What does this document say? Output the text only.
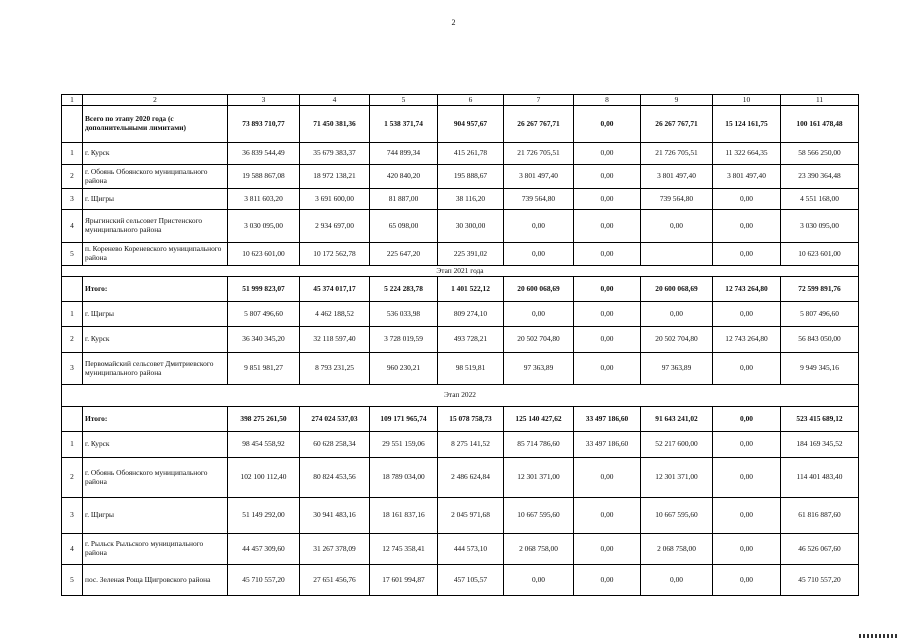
2
1	2	3	4	5	6	7	8	9	10	11
	Всего по этапу 2020 года (с дополнительными лимитами)	73 893 710,77	71 450 381,36	1 538 371,74	904 957,67	26 267 767,71	0,00	26 267 767,71	15 124 161,75	100 161 478,48
1	г. Курск	36 839 544,49	35 679 383,37	744 899,34	415 261,78	21 726 705,51	0,00	21 726 705,51	11 322 664,35	58 566 250,00
2	г. Обоянь Обоянского муниципального района	19 588 867,08	18 972 138,21	420 840,20	195 888,67	3 801 497,40	0,00	3 801 497,40	3 801 497,40	23 390 364,48
3	г. Щигры	3 811 603,20	3 691 600,00	81 887,00	38 116,20	739 564,80	0,00	739 564,80	0,00	4 551 168,00
4	Ярыгинский сельсовет Пристенского муниципального района	3 030 095,00	2 934 697,00	65 098,00	30 300,00	0,00	0,00	0,00	0,00	3 030 095,00
5	п. Коренево Кореневского муниципального района	10 623 601,00	10 172 562,78	225 647,20	225 391,02	0,00	0,00		0,00	10 623 601,00
Этап 2021 года										
	Итого:	51 999 823,07	45 374 017,17	5 224 283,78	1 401 522,12	20 600 068,69	0,00	20 600 068,69	12 743 264,80	72 599 891,76
1	г. Щигры	5 807 496,60	4 462 188,52	536 033,98	809 274,10	0,00	0,00	0,00	0,00	5 807 496,60
2	г. Курск	36 340 345,20	32 118 597,40	3 728 019,59	493 728,21	20 502 704,80	0,00	20 502 704,80	12 743 264,80	56 843 050,00
3	Первомайский сельсовет Дмитриевского муниципального района	9 851 981,27	8 793 231,25	960 230,21	98 519,81	97 363,89	0,00	97 363,89	0,00	9 949 345,16
Этап 2022										
	Итого:	398 275 261,50	274 024 537,03	109 171 965,74	15 078 758,73	125 140 427,62	33 497 186,60	91 643 241,02	0,00	523 415 689,12
1	г. Курск	98 454 558,92	60 628 258,34	29 551 159,06	8 275 141,52	85 714 786,60	33 497 186,60	52 217 600,00	0,00	184 169 345,52
2	г. Обоянь Обоянского муниципального района	102 100 112,40	80 824 453,56	18 789 034,00	2 486 624,84	12 301 371,00	0,00	12 301 371,00	0,00	114 401 483,40
3	г. Щигры	51 149 292,00	30 941 483,16	18 161 837,16	2 045 971,68	10 667 595,60	0,00	10 667 595,60	0,00	61 816 887,60
4	г. Рыльск Рыльского муниципального района	44 457 309,60	31 267 378,09	12 745 358,41	444 573,10	2 068 758,00	0,00	2 068 758,00	0,00	46 526 067,60
5	пос. Зеленая Роща Щигровского района	45 710 557,20	27 651 456,76	17 601 994,87	457 105,57	0,00	0,00	0,00	0,00	45 710 557,20
